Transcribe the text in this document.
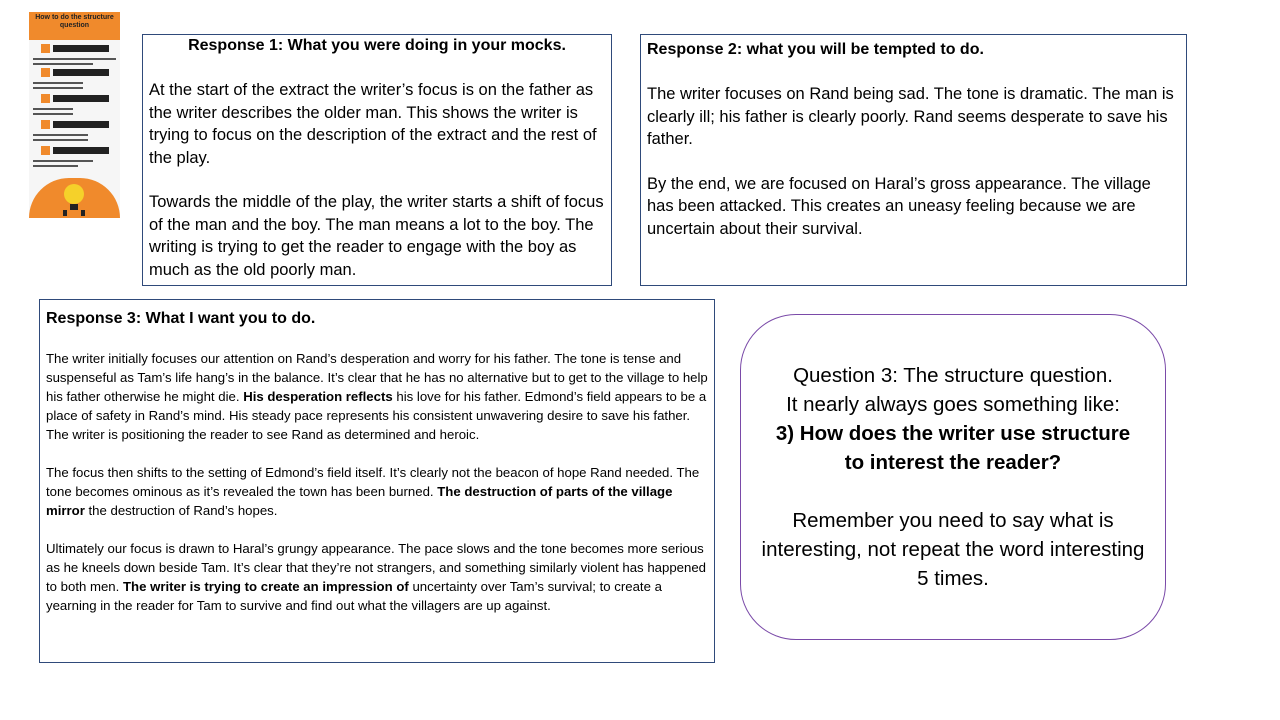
How to do the structure question

Response 1: What you were doing in your mocks.

At the start of the extract the writer’s focus is on the father as the writer describes the older man. This shows the writer is trying to focus on the description of the extract and the rest of the play.

Towards the middle of the play, the writer starts a shift of focus of the man and the boy. The man means a lot to the boy. The writing is trying to get the reader to engage with the boy as much as the old poorly man.

Response 2: what you will be tempted to do.

The writer focuses on Rand being sad. The tone is dramatic. The man is clearly ill; his father is clearly poorly. Rand seems desperate to save his father.

By the end, we are focused on Haral’s gross appearance. The village has been attacked. This creates an uneasy feeling because we are uncertain about their survival.

Response 3: What I want you to do.

The writer initially focuses our attention on Rand’s desperation and worry for his father. The tone is tense and suspenseful as Tam’s life hang’s in the balance. It’s clear that he has no alternative but to get to the village to help his father otherwise he might die. His desperation reflects his love for his father. Edmond’s field appears to be a place of safety in Rand’s mind. His steady pace represents his consistent unwavering desire to save his father. The writer is positioning the reader to see Rand as determined and heroic.

The focus then shifts to the setting of Edmond’s field itself. It’s clearly not the beacon of hope Rand needed. The tone becomes ominous as it’s revealed the town has been burned. The destruction of parts of the village mirror the destruction of Rand’s hopes.

Ultimately our focus is drawn to Haral’s grungy appearance. The pace slows and the tone becomes more serious as he kneels down beside Tam. It’s clear that they’re not strangers, and something similarly violent has happened to both men. The writer is trying to create an impression of uncertainty over Tam’s survival; to create a yearning in the reader for Tam to survive and find out what the villagers are up against.

Question 3: The structure question.

It nearly always goes something like:

3) How does the writer use structure

to interest the reader?

Remember you need to say what is interesting, not repeat the word interesting 5 times.
